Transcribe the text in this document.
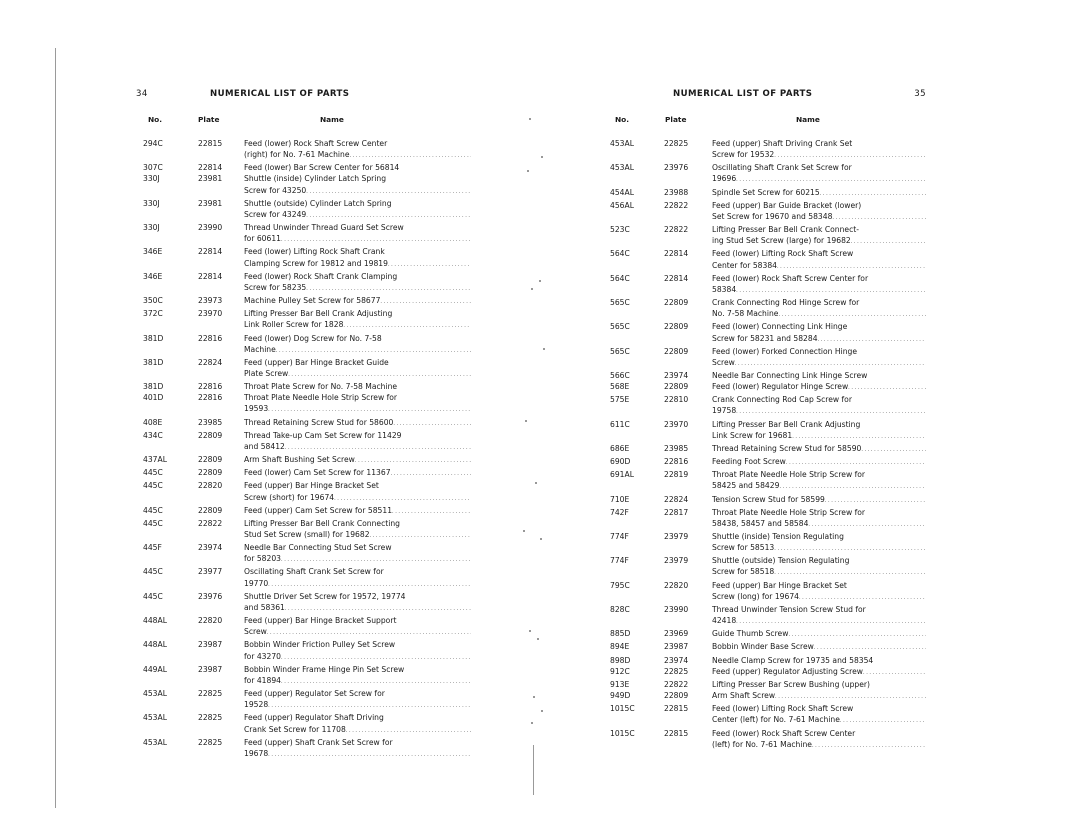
34	NUMERICAL LIST OF PARTS
No.	Plate	Name
294C	22815	Feed (lower) Rock Shaft Screw Center
(right) for No. 7-61 Machine
. . .
307C	22814	Feed (lower) Bar Screw Center for 56814
330J	23981	Shuttle (inside) Cylinder Latch Spring
Screw for 43250
. . .
330J	23981	Shuttle (outside) Cylinder Latch Spring
Screw for 43249
. . .
330J	23990	Thread Unwinder Thread Guard Set Screw
for 60611
. . .
346E	22814	Feed (lower) Lifting Rock Shaft Crank
Clamping Screw for 19812 and 19819
. . .
346E	22814	Feed (lower) Rock Shaft Crank Clamping
Screw for 58235
. . .
350C	23973	Machine Pulley Set Screw for 58677
. . .
372C	23970	Lifting Presser Bar Bell Crank Adjusting
Link Roller Screw for 1828
. . .
381D	22816	Feed (lower) Dog Screw for No. 7-58
Machine
. . .
381D	22824	Feed (upper) Bar Hinge Bracket Guide
Plate Screw
. . .
381D	22816	Throat Plate Screw for No. 7-58 Machine
401D	22816	Throat Plate Needle Hole Strip Screw for
19593
. . .
408E	23985	Thread Retaining Screw Stud for 58600
. . .
434C	22809	Thread Take-up Cam Set Screw for 11429
and 58412
. . .
437AL	22809	Arm Shaft Bushing Set Screw
. . .
445C	22809	Feed (lower) Cam Set Screw for 11367
. . .
445C	22820	Feed (upper) Bar Hinge Bracket Set
Screw (short) for 19674
. . .
445C	22809	Feed (upper) Cam Set Screw for 58511
. . .
445C	22822	Lifting Presser Bar Bell Crank Connecting
Stud Set Screw (small) for 19682
. . .
445F	23974	Needle Bar Connecting Stud Set Screw
for 58203
. . .
445C	23977	Oscillating Shaft Crank Set Screw for
19770
. . .
445C	23976	Shuttle Driver Set Screw for 19572, 19774
and 58361
. . .
448AL	22820	Feed (upper) Bar Hinge Bracket Support
Screw
. . .
448AL	23987	Bobbin Winder Friction Pulley Set Screw
for 43270
. . .
449AL	23987	Bobbin Winder Frame Hinge Pin Set Screw
for 41894
. . .
453AL	22825	Feed (upper) Regulator Set Screw for
19528
. . .
453AL	22825	Feed (upper) Regulator Shaft Driving
Crank Set Screw for 11708
. . .
453AL	22825	Feed (upper) Shaft Crank Set Screw for
19678
. . .
NUMERICAL LIST OF PARTS	35
No.	Plate	Name
453AL	22825	Feed (upper) Shaft Driving Crank Set
Screw for 19532
. . .
453AL	23976	Oscillating Shaft Crank Set Screw for
19696
. . .
454AL	23988	Spindle Set Screw for 60215
. . .
456AL	22822	Feed (upper) Bar Guide Bracket (lower)
Set Screw for 19670 and 58348
. . .
523C	22822	Lifting Presser Bar Bell Crank Connect-
ing Stud Set Screw (large) for 19682
. . .
564C	22814	Feed (lower) Lifting Rock Shaft Screw
Center for 58384
. . .
564C	22814	Feed (lower) Rock Shaft Screw Center for
58384
. . .
565C	22809	Crank Connecting Rod Hinge Screw for
No. 7-58 Machine
. . .
565C	22809	Feed (lower) Connecting Link Hinge
Screw for 58231 and 58284
. . .
565C	22809	Feed (lower) Forked Connection Hinge
Screw
. . .
566C	23974	Needle Bar Connecting Link Hinge Screw
568E	22809	Feed (lower) Regulator Hinge Screw
. . .
575E	22810	Crank Connecting Rod Cap Screw for
19758
. . .
611C	23970	Lifting Presser Bar Bell Crank Adjusting
Link Screw for 19681
. . .
686E	23985	Thread Retaining Screw Stud for 58590
. . .
690D	22816	Feeding Foot Screw
. . .
691AL	22819	Throat Plate Needle Hole Strip Screw for
58425 and 58429
. . .
710E	22824	Tension Screw Stud for 58599
. . .
742F	22817	Throat Plate Needle Hole Strip Screw for
58438, 58457 and 58584
. . .
774F	23979	Shuttle (inside) Tension Regulating
Screw for 58513
. . .
774F	23979	Shuttle (outside) Tension Regulating
Screw for 58518
. . .
795C	22820	Feed (upper) Bar Hinge Bracket Set
Screw (long) for 19674
. . .
828C	23990	Thread Unwinder Tension Screw Stud for
42418
. . .
885D	23969	Guide Thumb Screw
. . .
894E	23987	Bobbin Winder Base Screw
. . .
898D	23974	Needle Clamp Screw for 19735 and 58354
912C	22825	Feed (upper) Regulator Adjusting Screw
. . .
913E	22822	Lifting Presser Bar Screw Bushing (upper)
949D	22809	Arm Shaft Screw
. . .
1015C	22815	Feed (lower) Lifting Rock Shaft Screw
Center (left) for No. 7-61 Machine
. . .
1015C	22815	Feed (lower) Rock Shaft Screw Center
(left) for No. 7-61 Machine
. . .
